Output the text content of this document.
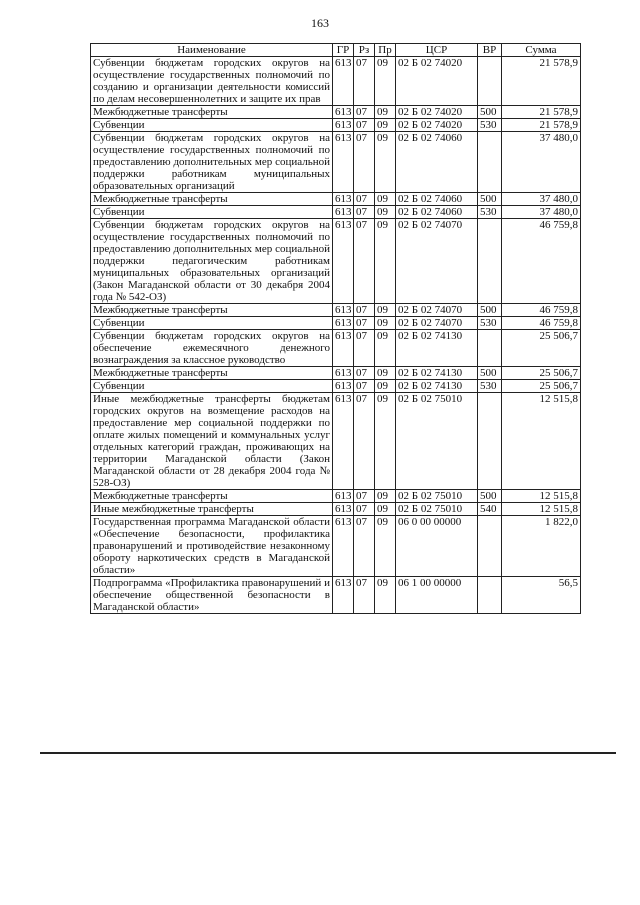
163
Наименование	ГР	Рз	Пр	ЦСР	ВР	Сумма
Субвенции бюджетам городских округов на осуществление государственных полномочий по созданию и организации деятельности комиссий по делам несовершеннолетних и защите их прав	613	07	09	02 Б 02 74020		21 578,9
Межбюджетные трансферты	613	07	09	02 Б 02 74020	500	21 578,9
Субвенции	613	07	09	02 Б 02 74020	530	21 578,9
Субвенции бюджетам городских округов на осуществление государственных полномочий по предоставлению дополнительных мер социальной поддержки работникам муниципальных образовательных организаций	613	07	09	02 Б 02 74060		37 480,0
Межбюджетные трансферты	613	07	09	02 Б 02 74060	500	37 480,0
Субвенции	613	07	09	02 Б 02 74060	530	37 480,0
Субвенции бюджетам городских округов на осуществление государственных полномочий по предоставлению дополнительных мер социальной поддержки педагогическим работникам муниципальных образовательных организаций (Закон Магаданской области от 30 декабря 2004 года № 542-ОЗ)	613	07	09	02 Б 02 74070		46 759,8
Межбюджетные трансферты	613	07	09	02 Б 02 74070	500	46 759,8
Субвенции	613	07	09	02 Б 02 74070	530	46 759,8
Субвенции бюджетам городских округов на обеспечение ежемесячного денежного вознаграждения за классное руководство	613	07	09	02 Б 02 74130		25 506,7
Межбюджетные трансферты	613	07	09	02 Б 02 74130	500	25 506,7
Субвенции	613	07	09	02 Б 02 74130	530	25 506,7
Иные межбюджетные трансферты бюджетам городских округов на возмещение расходов на предоставление мер социальной поддержки по оплате жилых помещений и коммунальных услуг отдельных категорий граждан, проживающих на территории Магаданской области (Закон Магаданской области от 28 декабря 2004 года № 528-ОЗ)	613	07	09	02 Б 02 75010		12 515,8
Межбюджетные трансферты	613	07	09	02 Б 02 75010	500	12 515,8
Иные межбюджетные трансферты	613	07	09	02 Б 02 75010	540	12 515,8
Государственная программа Магаданской области «Обеспечение безопасности, профилактика правонарушений и противодействие незаконному обороту наркотических средств в Магаданской области»	613	07	09	06 0 00 00000		1 822,0
Подпрограмма «Профилактика правонарушений и обеспечение общественной безопасности в Магаданской области»	613	07	09	06 1 00 00000		56,5
